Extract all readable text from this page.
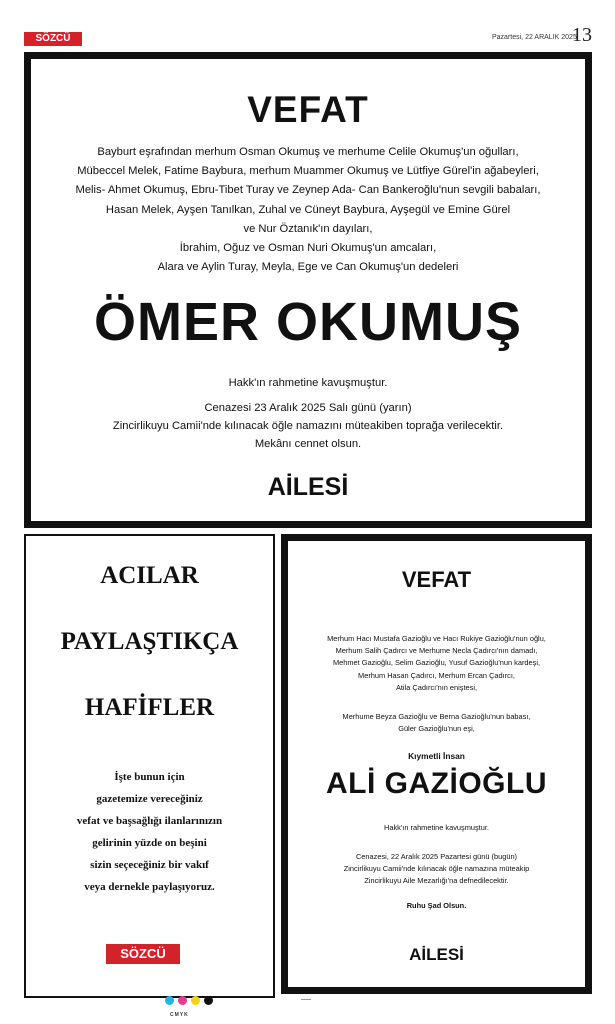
SÖZCÜ	Pazartesi, 22 ARALIK 2025
13
VEFAT
Bayburt eşrafından merhum Osman Okumuş ve merhume Celile Okumuş'un oğulları,
Mübeccel Melek, Fatime Baybura, merhum Muammer Okumuş ve Lütfiye Gürel'in ağabeyleri,
Melis- Ahmet Okumuş, Ebru-Tibet Turay ve Zeynep Ada- Can Bankeroğlu'nun sevgili babaları,
Hasan Melek, Ayşen Tanılkan, Zuhal ve Cüneyt Baybura, Ayşegül ve Emine Gürel
ve Nur Öztanık'ın dayıları,
İbrahim, Oğuz ve Osman Nuri Okumuş'un amcaları,
Alara ve Aylin Turay, Meyla, Ege ve Can Okumuş'un dedeleri
ÖMER OKUMUŞ
Hakk'ın rahmetine kavuşmuştur.
Cenazesi 23 Aralık 2025 Salı günü (yarın)
Zincirlikuyu Camii'nde kılınacak öğle namazını müteakiben toprağa verilecektir.
Mekânı cennet olsun.
AİLESİ
ACILAR
PAYLAŞTIKÇA
HAFİFLER
İşte bunun için
gazetemize vereceğiniz
vefat ve başsağlığı ilanlarınızın
gelirinin yüzde on beşini
sizin seçeceğiniz bir vakıf
veya dernekle paylaşıyoruz.
SÖZCÜ
VEFAT
Merhum Hacı Mustafa Gazioğlu ve Hacı Rukiye Gazioğlu'nun oğlu,
Merhum Salih Çadırcı ve Merhume Necla Çadırcı'nın damadı,
Mehmet Gazioğlu, Selim Gazioğlu, Yusuf Gazioğlu'nun kardeşi,
Merhum Hasan Çadırcı, Merhum Ercan Çadırcı,
Atila Çadırcı'nın eniştesi,
Merhume Beyza Gazioğlu ve Berna Gazioğlu'nun babası,
Güler Gazioğlu'nun eşi,
Kıymetli İnsan
ALİ GAZİOĞLU
Hakk'ın rahmetine kavuşmuştur.
Cenazesi, 22 Aralık 2025 Pazartesi günü (bugün)
Zincirlikuyu Camii'nde kılınacak öğle namazına müteakip
Zincirlikuyu Aile Mezarlığı'na defnedilecektir.
Ruhu Şad Olsun.
AİLESİ
CMYK
